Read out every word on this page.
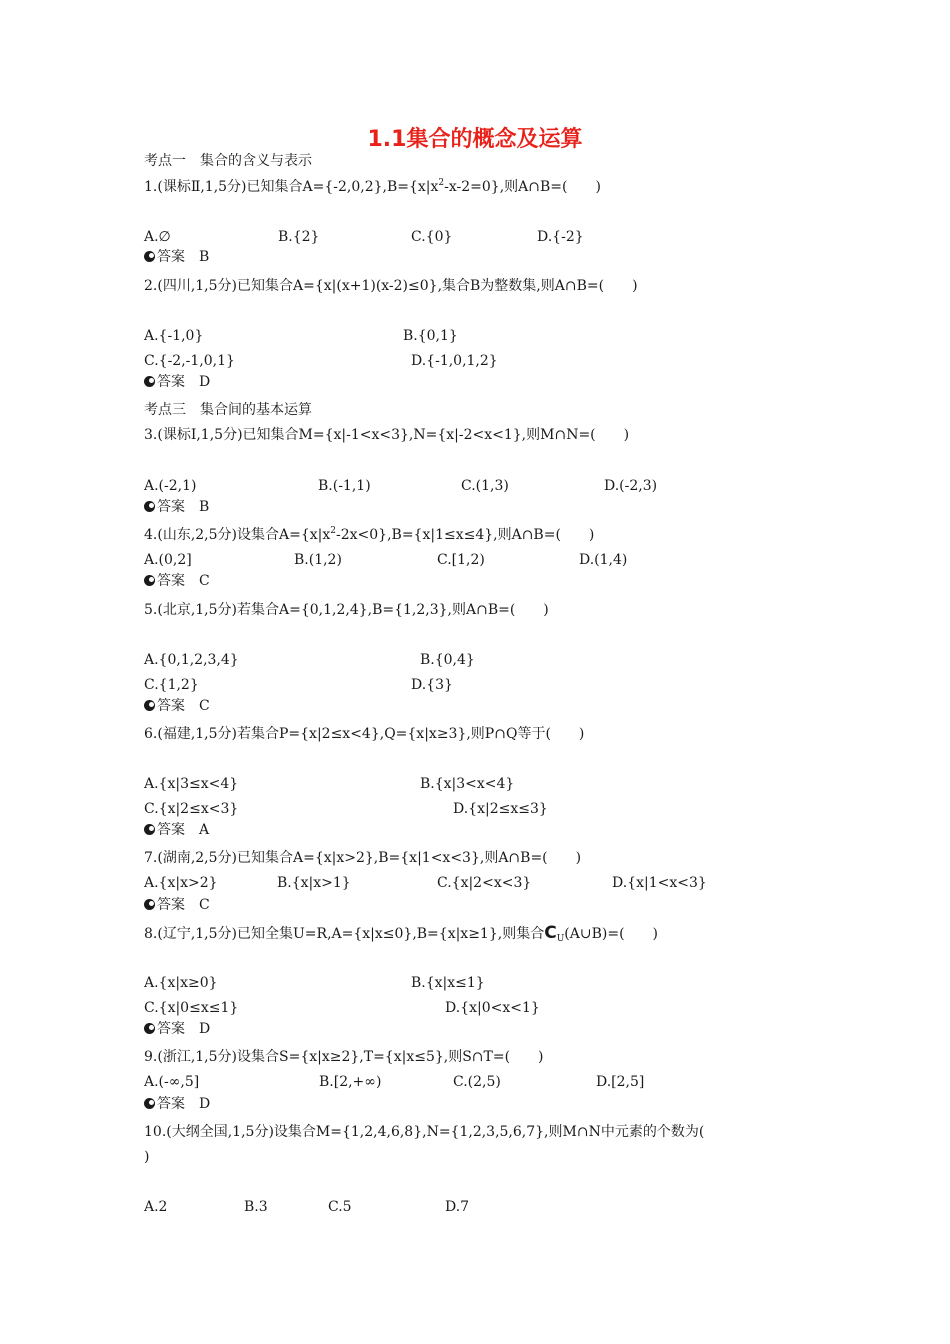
1.1集合的概念及运算
考点一　集合的含义与表示
1.(课标Ⅱ,1,5分)已知集合$A=\{-2,0,2\},B=\{x|x^2-x-2=0\}$,则A∩B=(　　)
A.∅	B.{2}	C.{0}	D.{-2}
答案　 B
2.(四川,1,5分)已知集合A={x|(x+1)(x-2)≤0},集合B为整数集,则A∩B=(　　)
A.{-1,0}	B.{0,1}
C.{-2,-1,0,1}	D.{-1,0,1,2}
答案　 D
考点三　集合间的基本运算
3.(课标Ⅰ,1,5分)已知集合M={x|-1<x<3},N={x|-2<x<1},则M∩N=(　　)
A.(-2,1)	B.(-1,1)	C.(1,3)	D.(-2,3)
答案　 B
4.(山东,2,5分)设集合$A=\{x|x^2-2x<0\},B=\{x|1\le x\le 4\}$,则A∩B=(　　)
A.(0,2]	B.(1,2)	C.[1,2)	D.(1,4)
答案　 C
5.(北京,1,5分)若集合A={0,1,2,4},B={1,2,3},则A∩B=(　　)
A.{0,1,2,3,4}	B.{0,4}
C.{1,2}	D.{3}
答案　 C
6.(福建,1,5分)若集合P={x|2≤x<4},Q={x|x≥3},则P∩Q等于(　　)
A.{x|3≤x<4}	B.{x|3<x<4}
C.{x|2≤x<3}	D.{x|2≤x≤3}
答案　 A
7.(湖南,2,5分)已知集合A={x|x>2},B={x|1<x<3},则A∩B=(　　)
A.{x|x>2}	B.{x|x>1}	C.{x|2<x<3}	D.{x|1<x<3}
答案　 C
8.(辽宁,1,5分)已知全集U=R,A={x|x≤0},B={x|x≥1},则集合$C_U(A\cup B)=$(　　)
A.{x|x≥0}	B.{x|x≤1}
C.{x|0≤x≤1}	D.{x|0<x<1}
答案　 D
9.(浙江,1,5分)设集合S={x|x≥2},T={x|x≤5},则S∩T=(　　)
A.(-∞,5]	B.[2,+∞)	C.(2,5)	D.[2,5]
答案　 D
10.(大纲全国,1,5分)设集合M={1,2,4,6,8},N={1,2,3,5,6,7},则M∩N中元素的个数为(
)
A.2	B.3	C.5	D.7
